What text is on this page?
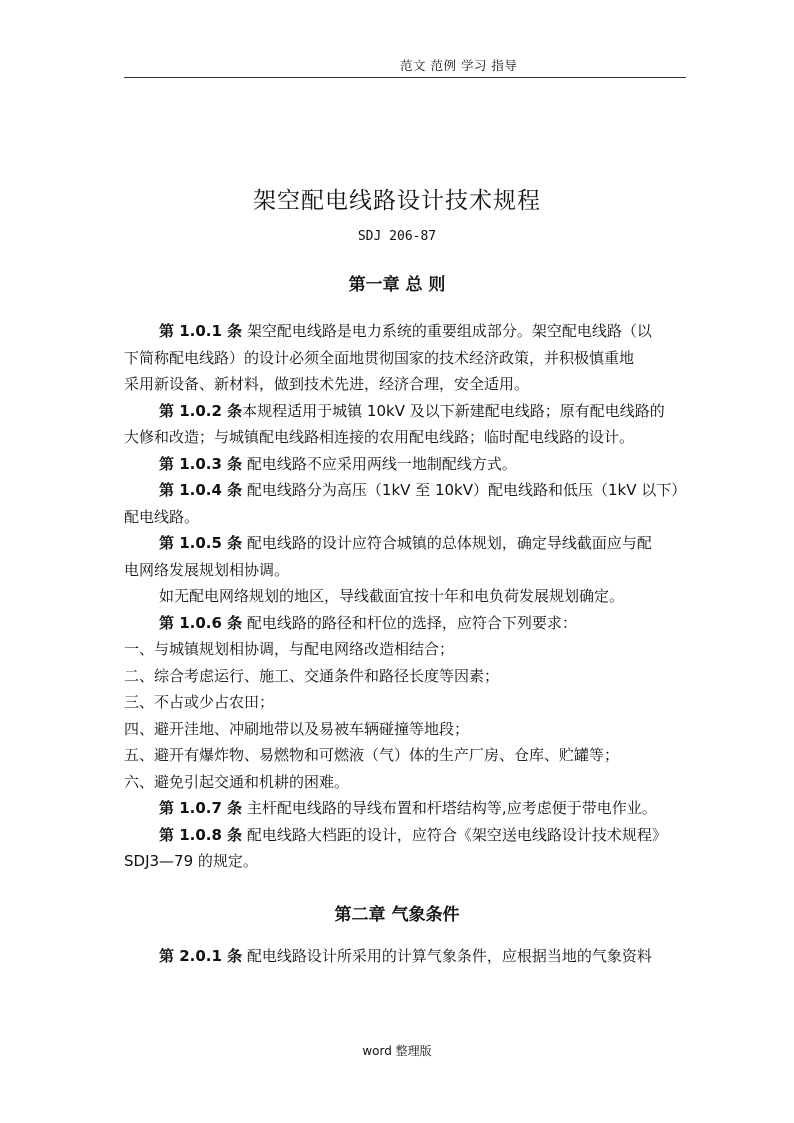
范文 范例 学习 指导
架空配电线路设计技术规程
SDJ 206-87
第一章 总 则
第 1.0.1 条 架空配电线路是电力系统的重要组成部分。架空配电线路（以
下简称配电线路）的设计必须全面地贯彻国家的技术经济政策，并积极慎重地
采用新设备、新材料，做到技术先进，经济合理，安全适用。
第 1.0.2 条本规程适用于城镇 10kV 及以下新建配电线路；原有配电线路的
大修和改造；与城镇配电线路相连接的农用配电线路；临时配电线路的设计。
第 1.0.3 条 配电线路不应采用两线一地制配线方式。
第 1.0.4 条 配电线路分为高压（1kV 至 10kV）配电线路和低压（1kV 以下）
配电线路。
第 1.0.5 条 配电线路的设计应符合城镇的总体规划，确定导线截面应与配
电网络发展规划相协调。
如无配电网络规划的地区，导线截面宜按十年和电负荷发展规划确定。
第 1.0.6 条 配电线路的路径和杆位的选择，应符合下列要求：
一、与城镇规划相协调，与配电网络改造相结合；
二、综合考虑运行、施工、交通条件和路径长度等因素；
三、不占或少占农田；
四、避开洼地、冲刷地带以及易被车辆碰撞等地段；
五、避开有爆炸物、易燃物和可燃液（气）体的生产厂房、仓库、贮罐等；
六、避免引起交通和机耕的困难。
第 1.0.7 条 主杆配电线路的导线布置和杆塔结构等,应考虑便于带电作业。
第 1.0.8 条 配电线路大档距的设计，应符合《架空送电线路设计技术规程》
SDJ3—79 的规定。
第二章 气象条件
第 2.0.1 条 配电线路设计所采用的计算气象条件，应根据当地的气象资料
word 整理版
